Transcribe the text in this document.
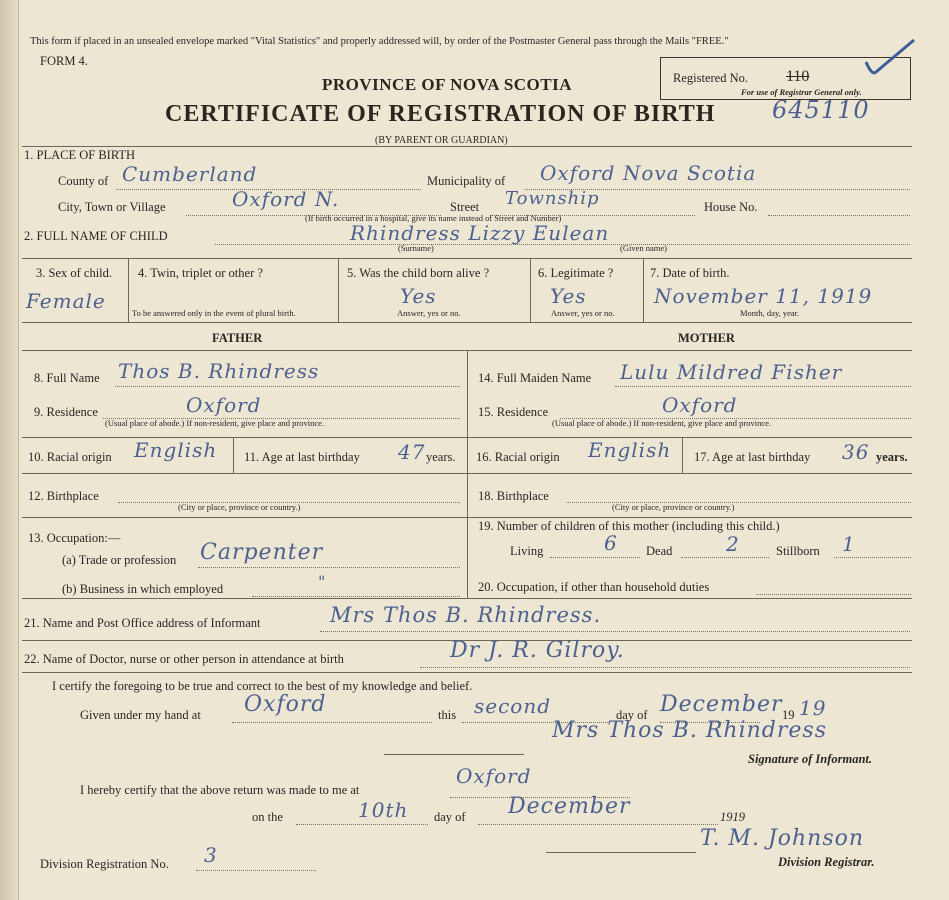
This form if placed in an unsealed envelope marked "Vital Statistics" and properly addressed will, by order of the Postmaster General pass through the Mails "FREE."
FORM 4.
PROVINCE OF NOVA SCOTIA
CERTIFICATE OF REGISTRATION OF BIRTH 645110
(BY PARENT OR GUARDIAN)
Registered No. 110
For use of Registrar General only.
1. PLACE OF BIRTH
County of Cumberland	Municipality of Oxford Nova Scotia
City, Town or Village	Oxford N.	Street Township	House No.
(If birth occurred in a hospital, give its name instead of Street and Number)
2. FULL NAME OF CHILD	Rhindress Lizzy Eulean
(Surname)	(Given name)
3. Sex of child.
Female
4. Twin, triplet or other ?
To be answered only in the event of plural birth.
5. Was the child born alive ?
Yes
Answer, yes or no.
6. Legitimate ?
Yes
Answer, yes or no.
7. Date of birth.
November 11, 1919
Month, day, year.
FATHER	MOTHER
8. Full Name Thos B. Rhindress
9. Residence	Oxford
(Usual place of abode.) If non-resident, give place and province.
10. Racial origin English 11. Age at last birthday 47 years.
12. Birthplace
(City or place, province or country.)
13. Occupation:—
(a) Trade or profession Carpenter
(b) Business in which employed	"
14. Full Maiden Name Lulu Mildred Fisher
15. Residence	Oxford
(Usual place of abode.) If non-resident, give place and province.
16. Racial origin English 17. Age at last birthday 36 years.
18. Birthplace
(City or place, province or country.)
19. Number of children of this mother (including this child.)
Living	6 Dead	2	Stillborn 1
20. Occupation, if other than household duties
21. Name and Post Office address of Informant	Mrs Thos B. Rhindress.
22. Name of Doctor, nurse or other person in attendance at birth	Dr J. R. Gilroy.
I certify the foregoing to be true and correct to the best of my knowledge and belief.
Given under my hand at Oxford	this second	day of December 19 19
Mrs Thos B. Rhindress
Signature of Informant.
I hereby certify that the above return was made to me at
Oxford
on the	10th day of December	1919
Division Registration No. 3
T. M. Johnson
Division Registrar.
